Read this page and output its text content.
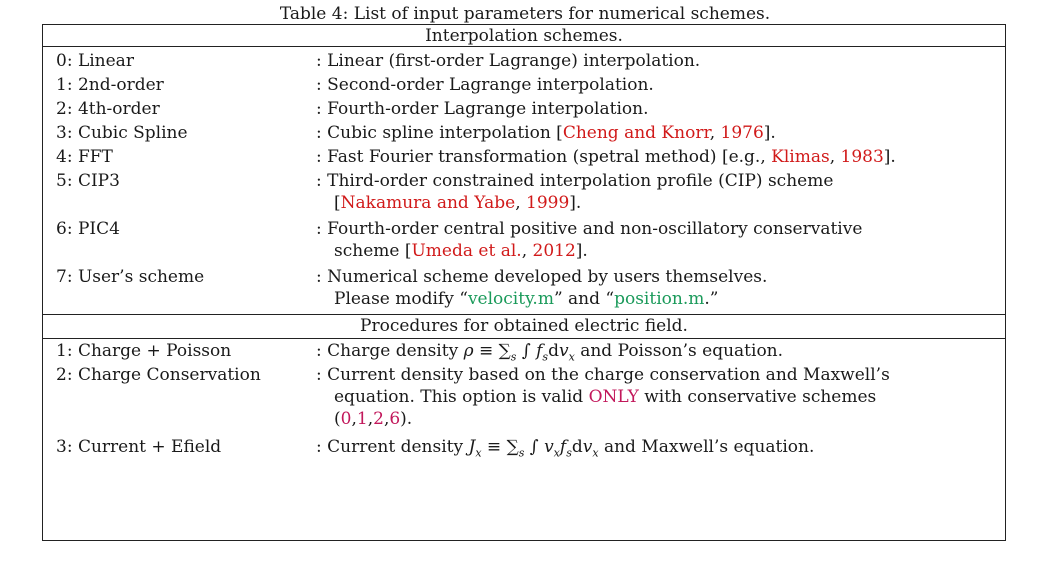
Table 4: List of input parameters for numerical schemes.
Interpolation schemes.
0: Linear	: Linear (first-order Lagrange) interpolation.
1: 2nd-order	: Second-order Lagrange interpolation.
2: 4th-order	: Fourth-order Lagrange interpolation.
3: Cubic Spline	: Cubic spline interpolation [Cheng and Knorr, 1976].
4: FFT	: Fast Fourier transformation (spetral method) [e.g., Klimas, 1983].
5: CIP3	: Third-order constrained interpolation profile (CIP) scheme
[Nakamura and Yabe, 1999].
6: PIC4	: Fourth-order central positive and non-oscillatory conservative
scheme [Umeda et al., 2012].
7: User’s scheme	: Numerical scheme developed by users themselves.
Please modify “velocity.m” and “position.m.”
Procedures for obtained electric field.
1: Charge + Poisson	: Charge density $\rho \equiv \sum_s$ ∫ $f_sdv_x$ and Poisson’s equation.
2: Charge Conservation	: Current density based on the charge conservation and Maxwell’s
equation. This option is valid ONLY with conservative schemes
(0,1,2,6).
3: Current + Efield	: Current density $J_x \equiv \sum_s$ ∫ $v_xf_sdv_x$ and Maxwell’s equation.
